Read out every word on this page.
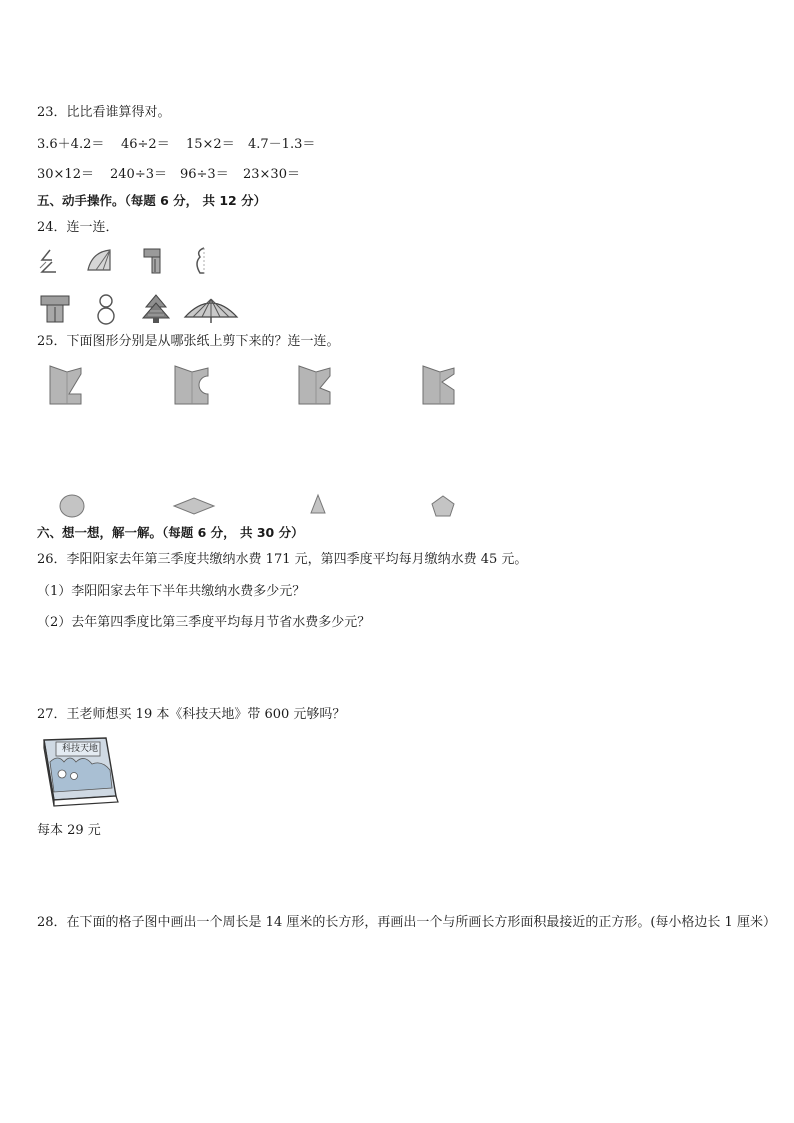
23．比比看谁算得对。
3.6＋4.2＝ 46÷2＝ 15×2＝ 4.7－1.3＝
30×12＝ 240÷3＝ 96÷3＝ 23×30＝
五、动手操作。（每题 6 分， 共 12 分）
24．连一连．
25．下面图形分别是从哪张纸上剪下来的？连一连。
六、想一想，解一解。（每题 6 分， 共 30 分）
26．李阳阳家去年第三季度共缴纳水费 171 元，第四季度平均每月缴纳水费 45 元。
（1）李阳阳家去年下半年共缴纳水费多少元？
（2）去年第四季度比第三季度平均每月节省水费多少元？
27．王老师想买 19 本《科技天地》带 600 元够吗？
科技天地
每本 29 元
28．在下面的格子图中画出一个周长是 14 厘米的长方形，再画出一个与所画长方形面积最接近的正方形。(每小格边长 1 厘米）
